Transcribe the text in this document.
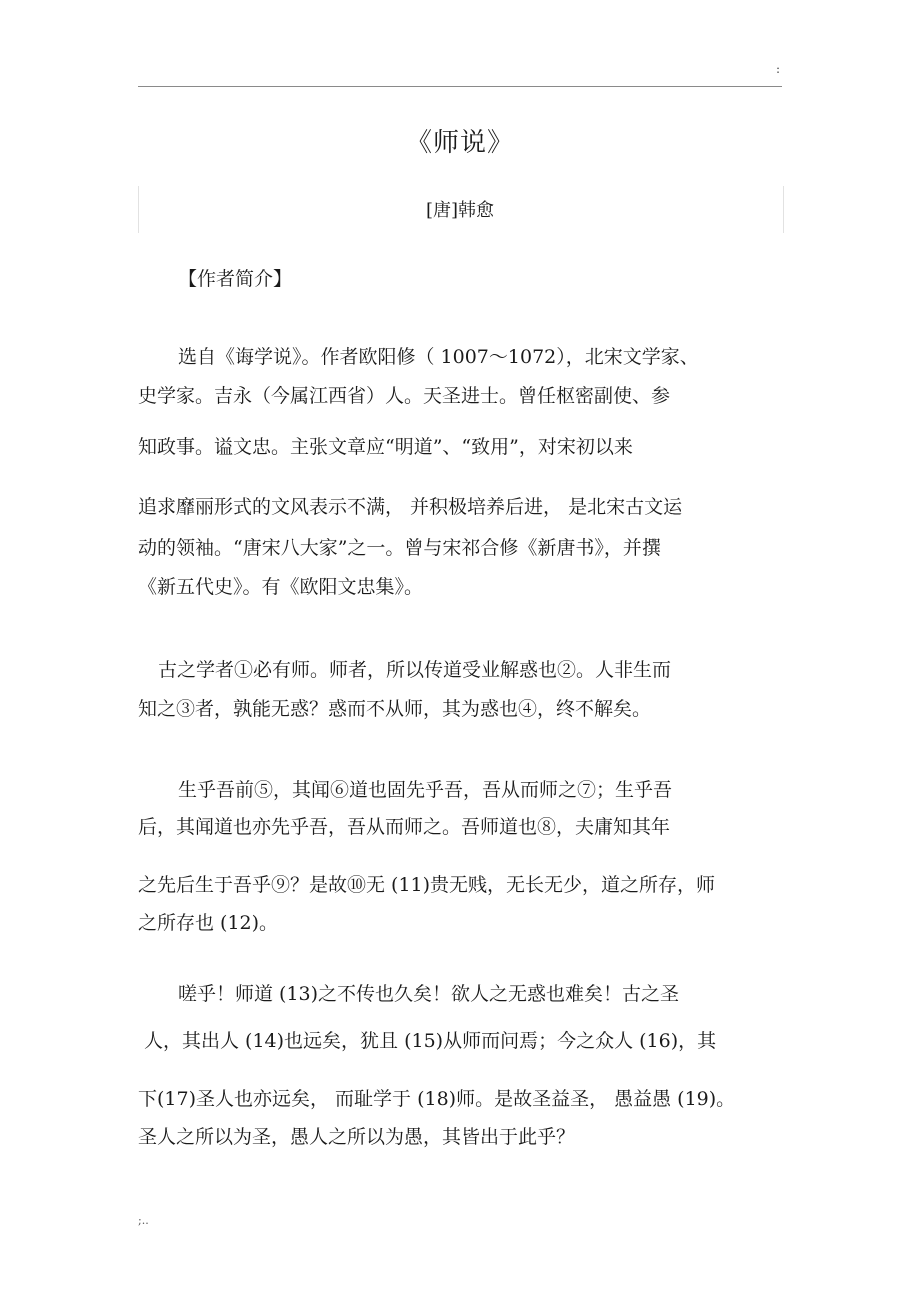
:
《师说》
[唐]韩愈
【作者简介】
选自《诲学说》。作者欧阳修（ 1007～1072），北宋文学家、
史学家。吉永（今属江西省）人。天圣进士。曾任枢密副使、参
知政事。谥文忠。主张文章应“明道”、“致用”，对宋初以来
追求靡丽形式的文风表示不满， 并积极培养后进， 是北宋古文运
动的领袖。“唐宋八大家”之一。曾与宋祁合修《新唐书》，并撰
《新五代史》。有《欧阳文忠集》。
古之学者①必有师。师者，所以传道受业解惑也②。人非生而
知之③者，孰能无惑？惑而不从师，其为惑也④，终不解矣。
生乎吾前⑤，其闻⑥道也固先乎吾，吾从而师之⑦；生乎吾
后，其闻道也亦先乎吾，吾从而师之。吾师道也⑧，夫庸知其年
之先后生于吾乎⑨？是故⑩无 (11)贵无贱，无长无少，道之所存，师
之所存也 (12)。
嗟乎！师道 (13)之不传也久矣！欲人之无惑也难矣！古之圣
人，其出人 (14)也远矣，犹且 (15)从师而问焉；今之众人 (16)，其
下(17)圣人也亦远矣， 而耻学于 (18)师。是故圣益圣， 愚益愚 (19)。
圣人之所以为圣，愚人之所以为愚，其皆出于此乎？
;..
